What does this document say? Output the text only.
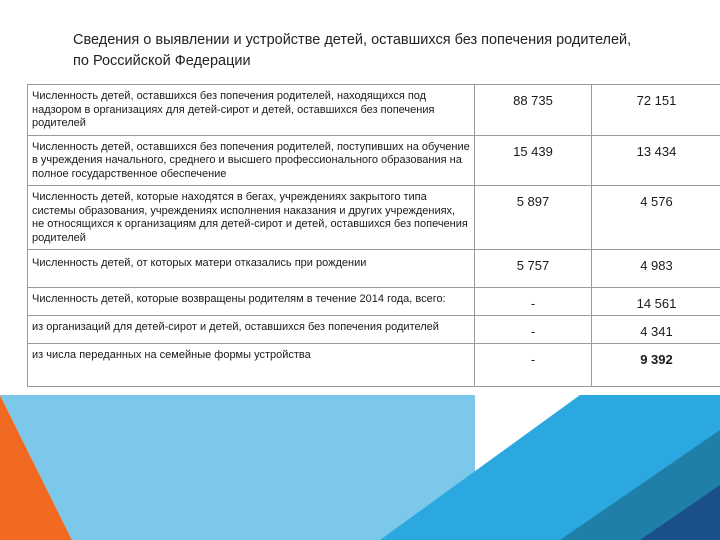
Сведения о выявлении и устройстве детей, оставшихся без попечения родителей, по Российской Федерации
Численность детей, оставшихся без попечения родителей, находящихся под надзором в организациях для детей-сирот и детей, оставшихся без попечения родителей	88 735	72 151
Численность детей, оставшихся без попечения родителей, поступивших на обучение в учреждения начального, среднего и высшего профессионального образования на полное государственное обеспечение	15 439	13 434
Численность детей, которые находятся в бегах, учреждениях закрытого типа системы образования, учреждениях исполнения наказания и других учреждениях, не относящихся к организациям для детей-сирот и детей, оставшихся без попечения родителей	5 897	4 576
Численность детей, от которых матери отказались при рождении	5 757	4 983
Численность детей, которые возвращены родителям в течение 2014 года, всего:	-	14 561
из организаций для детей-сирот и детей, оставшихся без попечения родителей	-	4 341
из числа переданных на семейные формы устройства	-	9 392
